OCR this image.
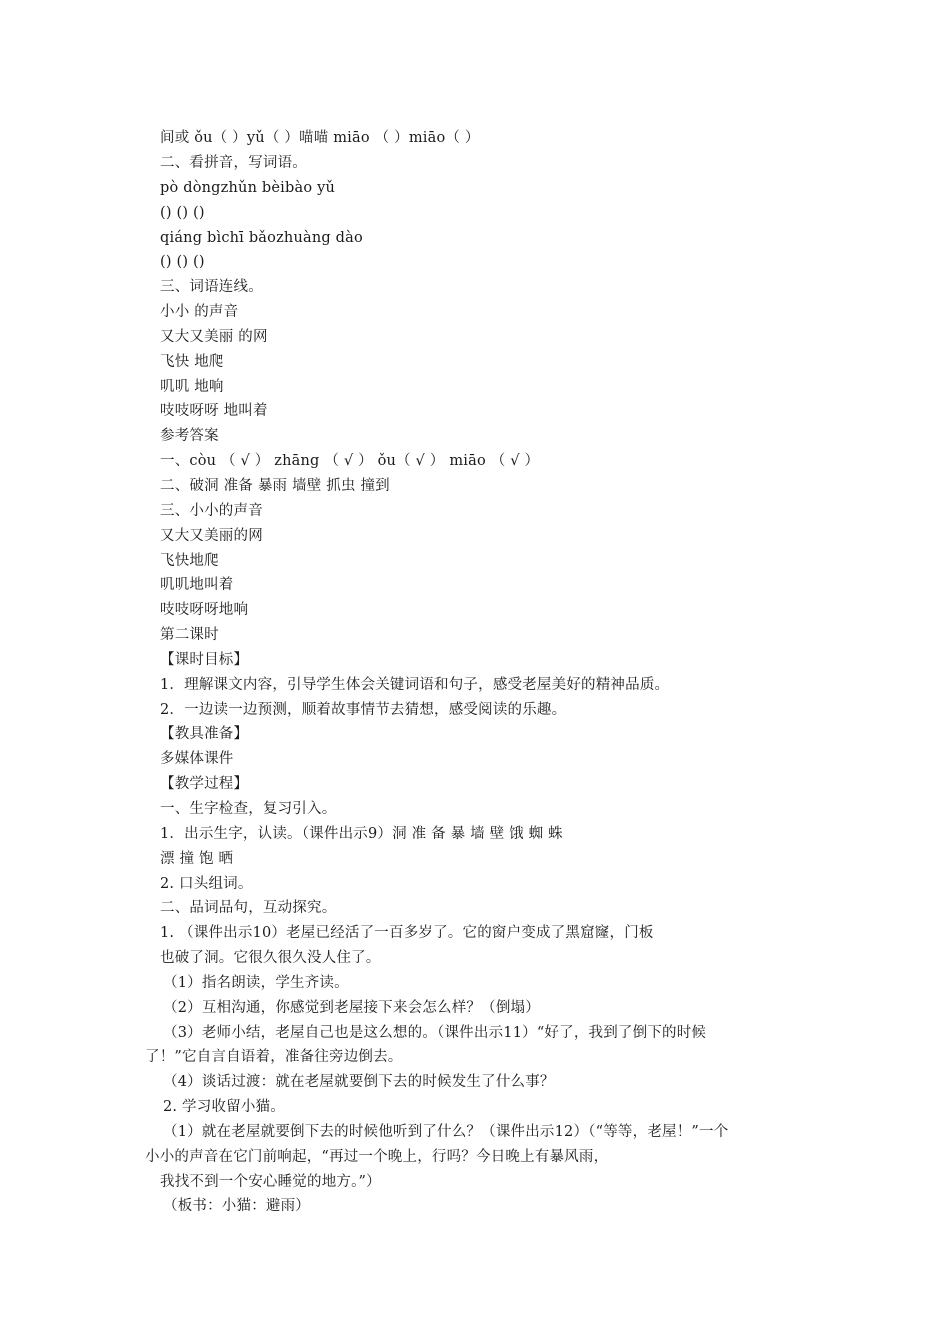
间或 ǒu（ ）yǔ（ ）喵喵 miāo （ ）miāo（ ）
二、看拼音，写词语。
pò dòngzhǔn bèibào yǔ
() () ()
qiáng bìchī bǎozhuàng dào
() () ()
三、词语连线。
小小 的声音
又大又美丽 的网
飞快 地爬
叽叽 地响
吱吱呀呀 地叫着
参考答案
一、còu （ √ ） zhāng （ √ ） ǒu（ √ ） miāo （ √ ）
二、破洞 准备 暴雨 墙壁 抓虫 撞到
三、小小的声音
又大又美丽的网
飞快地爬
叽叽地叫着
吱吱呀呀地响
第二课时
【课时目标】
1．理解课文内容，引导学生体会关键词语和句子，感受老屋美好的精神品质。
2．一边读一边预测，顺着故事情节去猜想，感受阅读的乐趣。
【教具准备】
多媒体课件
【教学过程】
一、生字检查，复习引入。
1．出示生字，认读。（课件出示9）洞 准 备 暴 墙 壁 饿 蜘 蛛
漂 撞 饱 晒
2. 口头组词。
二、品词品句，互动探究。
1. （课件出示10）老屋已经活了一百多岁了。它的窗户变成了黑窟窿，门板
也破了洞。它很久很久没人住了。
（1）指名朗读，学生齐读。
（2）互相沟通，你感觉到老屋接下来会怎么样？（倒塌）
（3）老师小结，老屋自己也是这么想的。（课件出示11）“好了，我到了倒下的时候
了！”它自言自语着，准备往旁边倒去。
（4）谈话过渡：就在老屋就要倒下去的时候发生了什么事？
2. 学习收留小猫。
（1）就在老屋就要倒下去的时候他听到了什么？（课件出示12）（“等等，老屋！”一个
小小的声音在它门前响起，“再过一个晚上，行吗？今日晚上有暴风雨，
我找不到一个安心睡觉的地方。”）
（板书：小猫：避雨）
